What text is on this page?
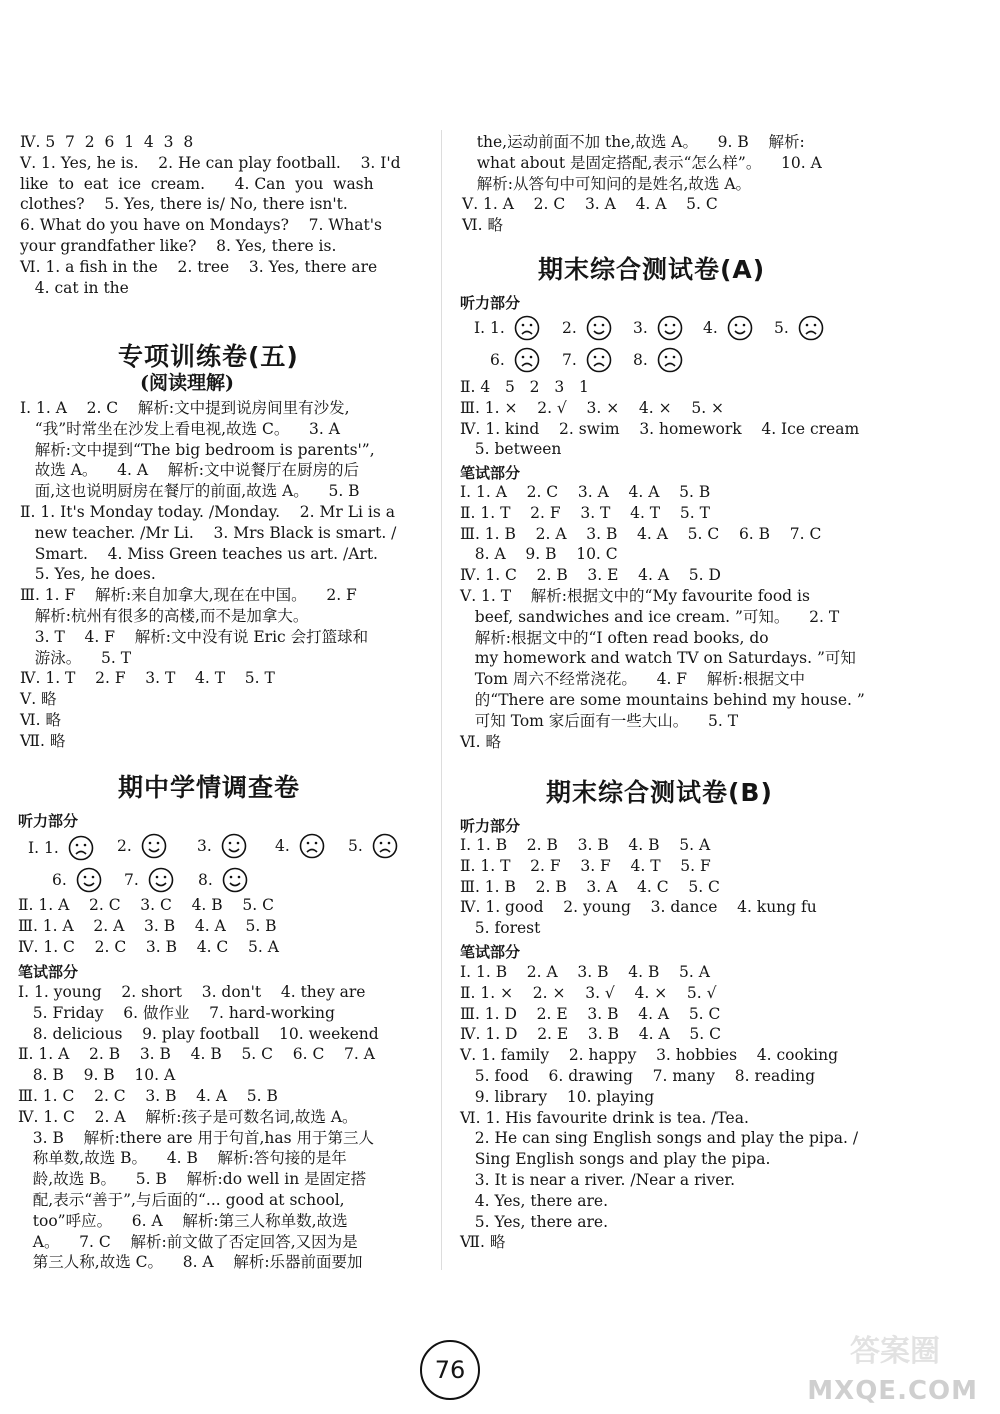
Ⅳ. 5  7  2  6  1  4  3  8
Ⅴ. 1. Yes, he is.    2. He can play football.    3. I'd
like  to  eat  ice  cream.      4. Can  you  wash
clothes?    5. Yes, there is/ No, there isn't.
6. What do you have on Mondays?    7. What's
your grandfather like?    8. Yes, there is.
Ⅵ. 1. a fish in the    2. tree    3. Yes, there are
4. cat in the
专项训练卷(五)
(阅读理解)
Ⅰ. 1. A    2. C    解析:文中提到说房间里有沙发,
“我”时常坐在沙发上看电视,故选 C。    3. A
解析:文中提到“The big bedroom is parents'”,
故选 A。    4. A    解析:文中说餐厅在厨房的后
面,这也说明厨房在餐厅的前面,故选 A。    5. B
Ⅱ. 1. It's Monday today. /Monday.    2. Mr Li is a
new teacher. /Mr Li.    3. Mrs Black is smart. /
Smart.    4. Miss Green teaches us art. /Art.
5. Yes, he does.
Ⅲ. 1. F    解析:来自加拿大,现在在中国。    2. F
解析:杭州有很多的高楼,而不是加拿大。
3. T    4. F    解析:文中没有说 Eric 会打篮球和
游泳。    5. T
Ⅳ. 1. T    2. F    3. T    4. T    5. T
Ⅴ. 略
Ⅵ. 略
Ⅶ. 略
期中学情调查卷
听力部分
Ⅰ. 1.	2.	3.	4.	5.
6.	7.	8.
Ⅱ. 1. A    2. C    3. C    4. B    5. C
Ⅲ. 1. A    2. A    3. B    4. A    5. B
Ⅳ. 1. C    2. C    3. B    4. C    5. A
笔试部分
Ⅰ. 1. young    2. short    3. don't    4. they are
5. Friday    6. 做作业    7. hard-working
8. delicious    9. play football    10. weekend
Ⅱ. 1. A    2. B    3. B    4. B    5. C    6. C    7. A
8. B    9. B    10. A
Ⅲ. 1. C    2. C    3. B    4. A    5. B
Ⅳ. 1. C    2. A    解析:孩子是可数名词,故选 A。
3. B    解析:there are 用于句首,has 用于第三人
称单数,故选 B。    4. B    解析:答句接的是年
龄,故选 B。    5. B    解析:do well in 是固定搭
配,表示“善于”,与后面的“... good at school,
too”呼应。    6. A    解析:第三人称单数,故选
A。    7. C    解析:前文做了否定回答,又因为是
第三人称,故选 C。    8. A    解析:乐器前面要加
the,运动前面不加 the,故选 A。    9. B    解析:
what about 是固定搭配,表示“怎么样”。    10. A
解析:从答句中可知问的是姓名,故选 A。
Ⅴ. 1. A    2. C    3. A    4. A    5. C
Ⅵ. 略
期末综合测试卷(A)
听力部分
Ⅰ. 1.	2.	3.	4.	5.
6.	7.	8.
Ⅱ. 4   5   2   3   1
Ⅲ. 1. ×    2. √    3. ×    4. ×    5. ×
Ⅳ. 1. kind    2. swim    3. homework    4. Ice cream
5. between
笔试部分
Ⅰ. 1. A    2. C    3. A    4. A    5. B
Ⅱ. 1. T    2. F    3. T    4. T    5. T
Ⅲ. 1. B    2. A    3. B    4. A    5. C    6. B    7. C
8. A    9. B    10. C
Ⅳ. 1. C    2. B    3. E    4. A    5. D
Ⅴ. 1. T    解析:根据文中的“My favourite food is
beef, sandwiches and ice cream. ”可知。    2. T
解析:根据文中的“I often read books, do
my homework and watch TV on Saturdays. ”可知
Tom 周六不经常浇花。    4. F    解析:根据文中
的“There are some mountains behind my house. ”
可知 Tom 家后面有一些大山。    5. T
Ⅵ. 略
期末综合测试卷(B)
听力部分
Ⅰ. 1. B    2. B    3. B    4. B    5. A
Ⅱ. 1. T    2. F    3. F    4. T    5. F
Ⅲ. 1. B    2. B    3. A    4. C    5. C
Ⅳ. 1. good    2. young    3. dance    4. kung fu
5. forest
笔试部分
Ⅰ. 1. B    2. A    3. B    4. B    5. A
Ⅱ. 1. ×    2. ×    3. √    4. ×    5. √
Ⅲ. 1. D    2. E    3. B    4. A    5. C
Ⅳ. 1. D    2. E    3. B    4. A    5. C
Ⅴ. 1. family    2. happy    3. hobbies    4. cooking
5. food    6. drawing    7. many    8. reading
9. library    10. playing
Ⅵ. 1. His favourite drink is tea. /Tea.
2. He can sing English songs and play the pipa. /
Sing English songs and play the pipa.
3. It is near a river. /Near a river.
4. Yes, there are.
5. Yes, there are.
Ⅶ. 略
76
答案圈
MXQE.COM
